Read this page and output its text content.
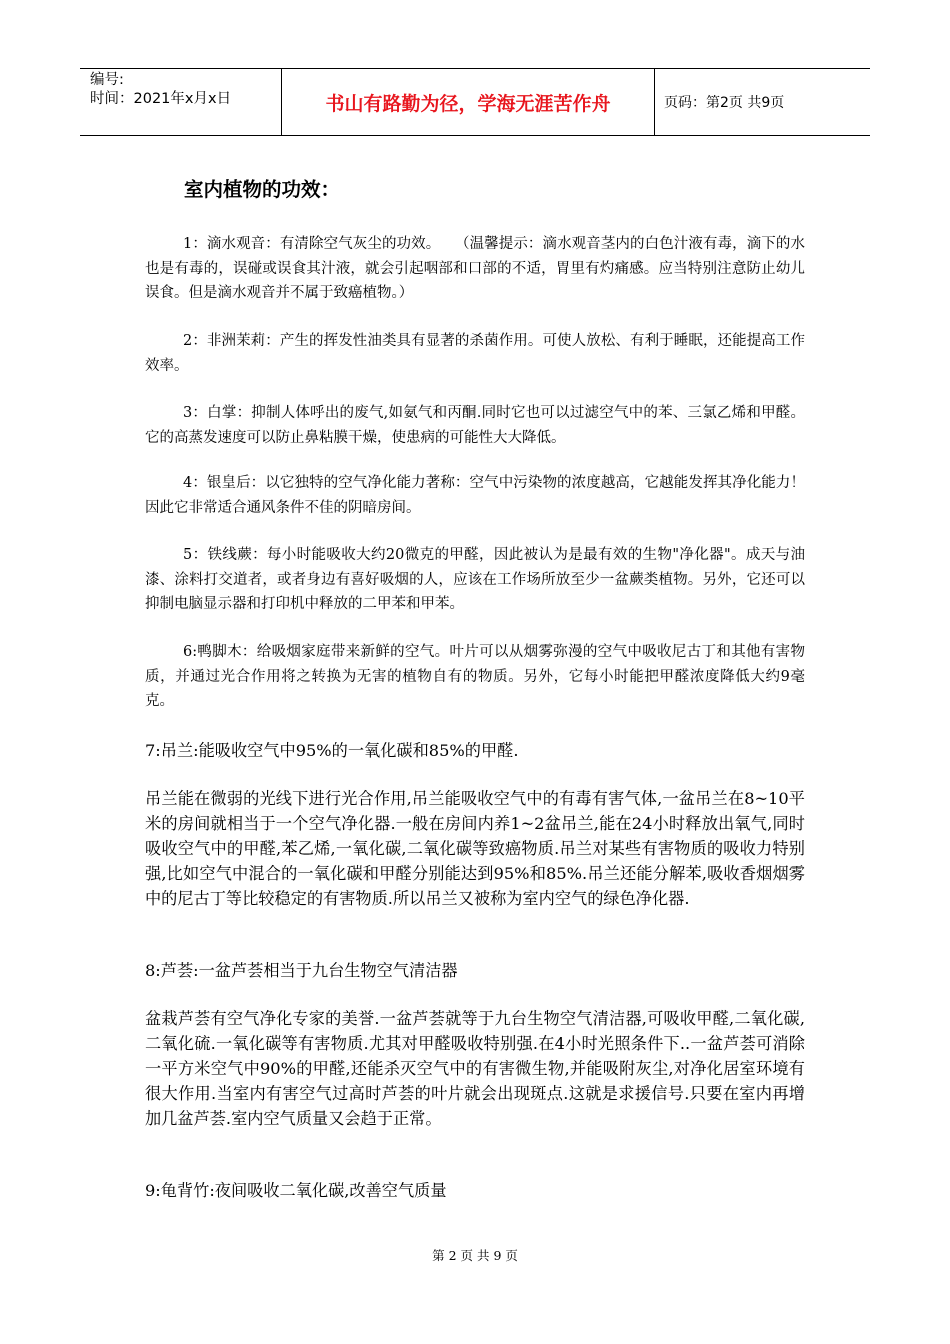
编号:
时间：2021年x月x日	书山有路勤为径，学海无涯苦作舟	页码：第2页 共9页
室内植物的功效：

1：滴水观音：有清除空气灰尘的功效。　　（温馨提示：滴水观音茎内的白色汁液有毒，滴下的水也是有毒的，误碰或误食其汁液，就会引起咽部和口部的不适，胃里有灼痛感。应当特别注意防止幼儿误食。但是滴水观音并不属于致癌植物。）

2：非洲茉莉：产生的挥发性油类具有显著的杀菌作用。可使人放松、有利于睡眠，还能提高工作效率。

3：白掌：抑制人体呼出的废气,如氨气和丙酮.同时它也可以过滤空气中的苯、三氯乙烯和甲醛。它的高蒸发速度可以防止鼻粘膜干燥，使患病的可能性大大降低。

4：银皇后：以它独特的空气净化能力著称：空气中污染物的浓度越高，它越能发挥其净化能力！因此它非常适合通风条件不佳的阴暗房间。

5：铁线蕨：每小时能吸收大约20微克的甲醛，因此被认为是最有效的生物"净化器"。成天与油漆、涂料打交道者，或者身边有喜好吸烟的人，应该在工作场所放至少一盆蕨类植物。另外，它还可以抑制电脑显示器和打印机中释放的二甲苯和甲苯。

6:鸭脚木：给吸烟家庭带来新鲜的空气。叶片可以从烟雾弥漫的空气中吸收尼古丁和其他有害物质，并通过光合作用将之转换为无害的植物自有的物质。另外，它每小时能把甲醛浓度降低大约9毫克。

7:吊兰:能吸收空气中95%的一氧化碳和85%的甲醛.

吊兰能在微弱的光线下进行光合作用,吊兰能吸收空气中的有毒有害气体,一盆吊兰在8~10平米的房间就相当于一个空气净化器.一般在房间内养1~2盆吊兰,能在24小时释放出氧气,同时吸收空气中的甲醛,苯乙烯,一氧化碳,二氧化碳等致癌物质.吊兰对某些有害物质的吸收力特别强,比如空气中混合的一氧化碳和甲醛分别能达到95%和85%.吊兰还能分解苯,吸收香烟烟雾中的尼古丁等比较稳定的有害物质.所以吊兰又被称为室内空气的绿色净化器.

8:芦荟:一盆芦荟相当于九台生物空气清洁器

盆栽芦荟有空气净化专家的美誉.一盆芦荟就等于九台生物空气清洁器,可吸收甲醛,二氧化碳,二氧化硫.一氧化碳等有害物质.尤其对甲醛吸收特别强.在4小时光照条件下..一盆芦荟可消除一平方米空气中90%的甲醛,还能杀灭空气中的有害微生物,并能吸附灰尘,对净化居室环境有很大作用.当室内有害空气过高时芦荟的叶片就会出现斑点.这就是求援信号.只要在室内再增加几盆芦荟.室内空气质量又会趋于正常。

9:龟背竹:夜间吸收二氧化碳,改善空气质量

第 2 页 共 9 页
